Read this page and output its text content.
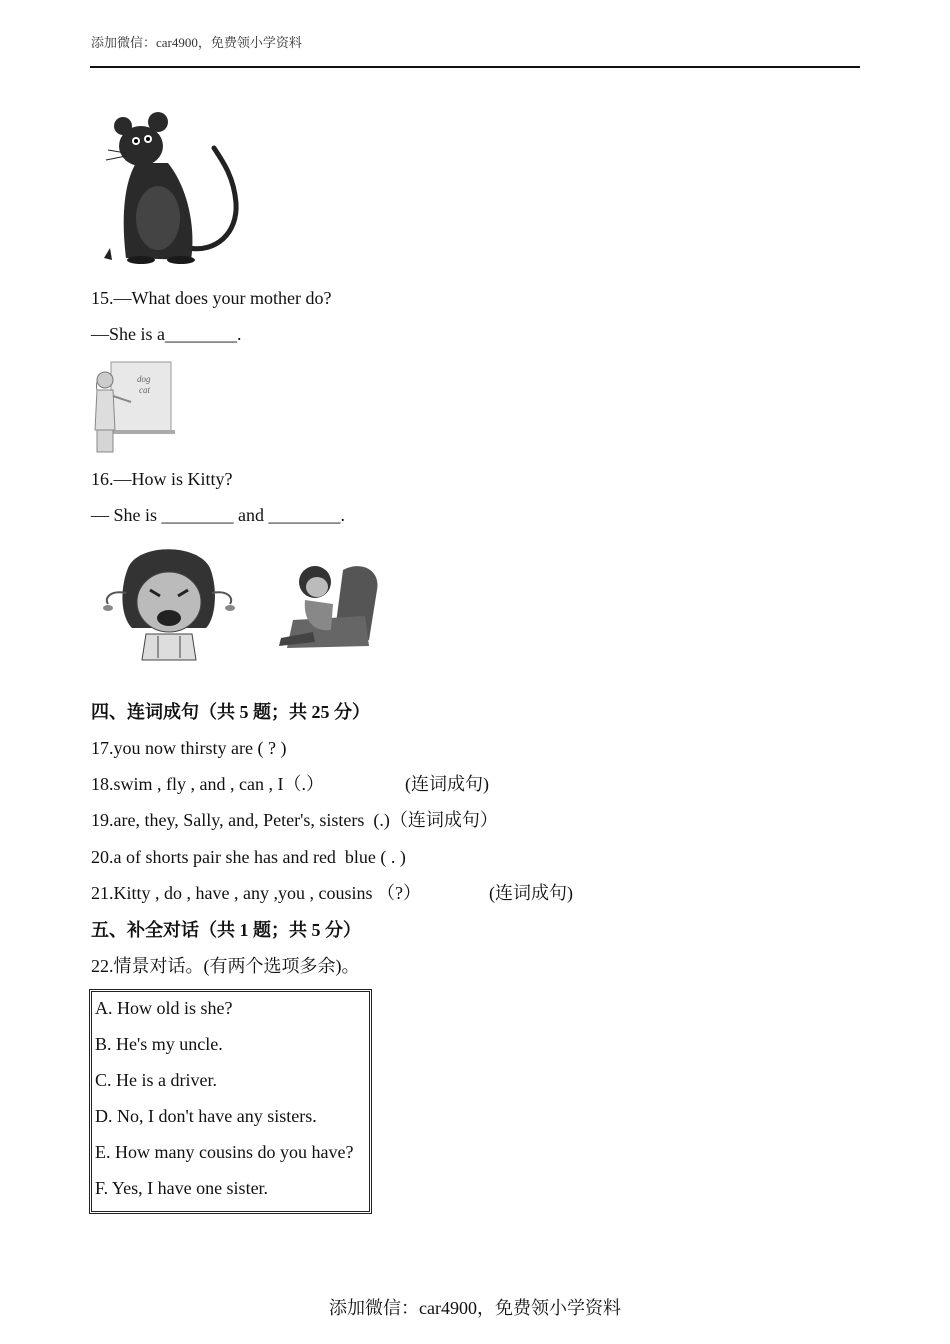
添加微信：car4900，免费领小学资料
15.—What does your mother do?
—She is a________.
dog
cat
16.—How is Kitty?
— She is ________ and ________.
四、连词成句（共 5 题；共 25 分）
17.you now thirsty are ( ? )
18.swim , fly , and , can , I（.）	(连词成句)
19.are, they, Sally, and, Peter's, sisters  (.)（连词成句）
20.a of shorts pair she has and red  blue ( . )
21.Kitty , do , have , any ,you , cousins （?）	(连词成句)
五、补全对话（共 1 题；共 5 分）
22.情景对话。(有两个选项多余)。
A. How old is she?
B. He's my uncle.
C. He is a driver.
D. No, I don't have any sisters.
E. How many cousins do you have?
F. Yes, I have one sister.
添加微信：car4900，免费领小学资料
